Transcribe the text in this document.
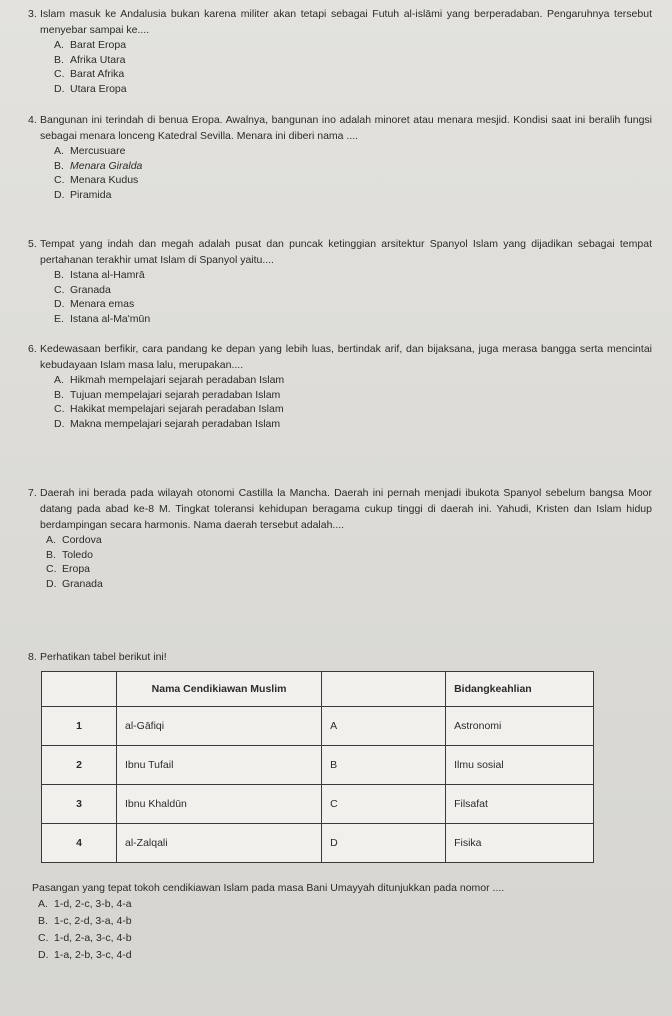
3. Islam masuk ke Andalusia bukan karena militer akan tetapi sebagai Futuh al-islāmi yang berperadaban. Pengaruhnya tersebut menyebar sampai ke....
A. Barat Eropa
B. Afrika Utara
C. Barat Afrika
D. Utara Eropa
4. Bangunan ini terindah di benua Eropa. Awalnya, bangunan ino adalah minoret atau menara mesjid. Kondisi saat ini beralih fungsi sebagai menara lonceng Katedral Sevilla. Menara ini diberi nama ....
A. Mercusuare
B. Menara Giralda
C. Menara Kudus
D. Piramida
5. Tempat yang indah dan megah adalah pusat dan puncak ketinggian arsitektur Spanyol Islam yang dijadikan sebagai tempat pertahanan terakhir umat Islam di Spanyol yaitu....
B. Istana al-Hamrā
C. Granada
D. Menara emas
E. Istana al-Ma'mūn
6. Kedewasaan berfikir, cara pandang ke depan yang lebih luas, bertindak arif, dan bijaksana, juga merasa bangga serta mencintai kebudayaan Islam masa lalu, merupakan....
A. Hikmah mempelajari sejarah peradaban Islam
B. Tujuan mempelajari sejarah peradaban Islam
C. Hakikat mempelajari sejarah peradaban Islam
D. Makna mempelajari sejarah peradaban Islam
7. Daerah ini berada pada wilayah otonomi Castilla la Mancha. Daerah ini pernah menjadi ibukota Spanyol sebelum bangsa Moor datang pada abad ke-8 M. Tingkat toleransi kehidupan beragama cukup tinggi di daerah ini. Yahudi, Kristen dan Islam hidup berdampingan secara harmonis. Nama daerah tersebut adalah....
A. Cordova
B. Toledo
C. Eropa
D. Granada
8. Perhatikan tabel berikut ini!
	Nama Cendikiawan Muslim		Bidangkeahlian
1	al-Gāfiqi	A	Astronomi
2	Ibnu Tufail	B	Ilmu sosial
3	Ibnu Khaldūn	C	Filsafat
4	al-Zalqali	D	Fisika
Pasangan yang tepat tokoh cendikiawan Islam pada masa Bani Umayyah ditunjukkan pada nomor ....
A. 1-d, 2-c, 3-b, 4-a
B. 1-c, 2-d, 3-a, 4-b
C. 1-d, 2-a, 3-c, 4-b
D. 1-a, 2-b, 3-c, 4-d
